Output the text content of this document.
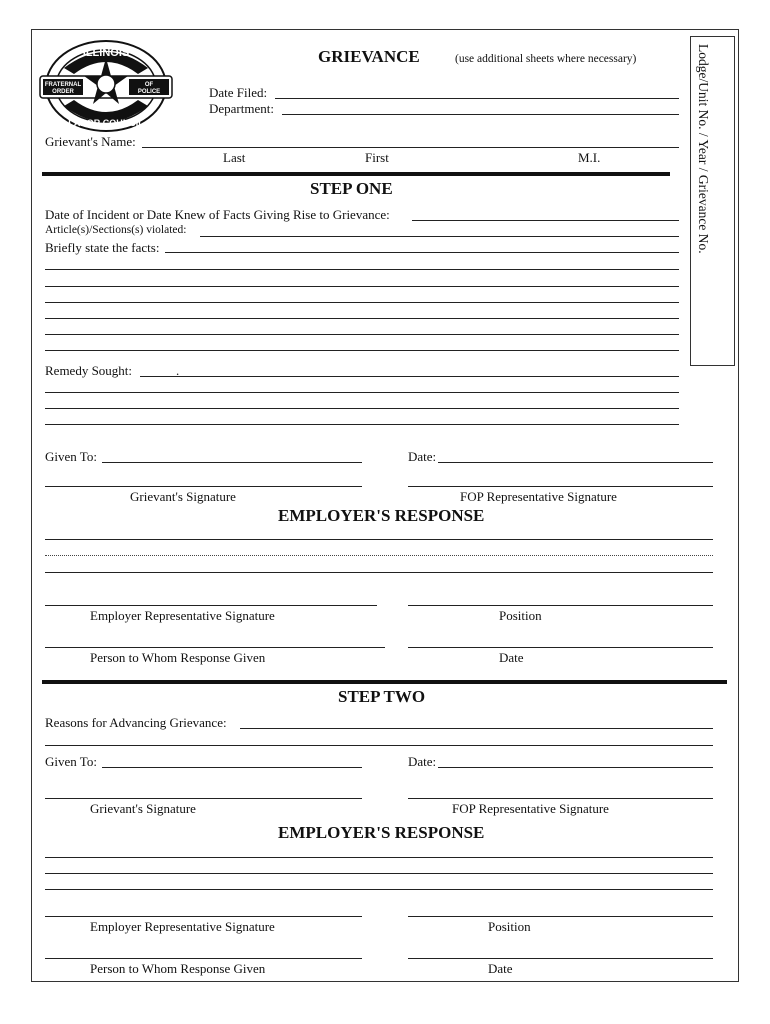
Lodge/Unit No. / Year / Grievance No.
ILLINOIS
LABOR COUNCIL
FRATERNAL
ORDER
OF
POLICE
GRIEVANCE	(use additional sheets where necessary)
Date Filed:
Department:
Grievant's Name:
Last	First	M.I.
STEP ONE
Date of Incident or Date Knew of Facts Giving Rise to Grievance:
Article(s)/Sections(s) violated:
Briefly state the facts:
Remedy Sought:	.
Given To:	Date:
Grievant's Signature	FOP Representative Signature
EMPLOYER'S RESPONSE
Employer Representative Signature	Position
Person to Whom Response Given	Date
STEP TWO
Reasons for Advancing Grievance:
Given To:	Date:
Grievant's Signature	FOP Representative Signature
EMPLOYER'S RESPONSE
Employer Representative Signature	Position
Person to Whom Response Given	Date
